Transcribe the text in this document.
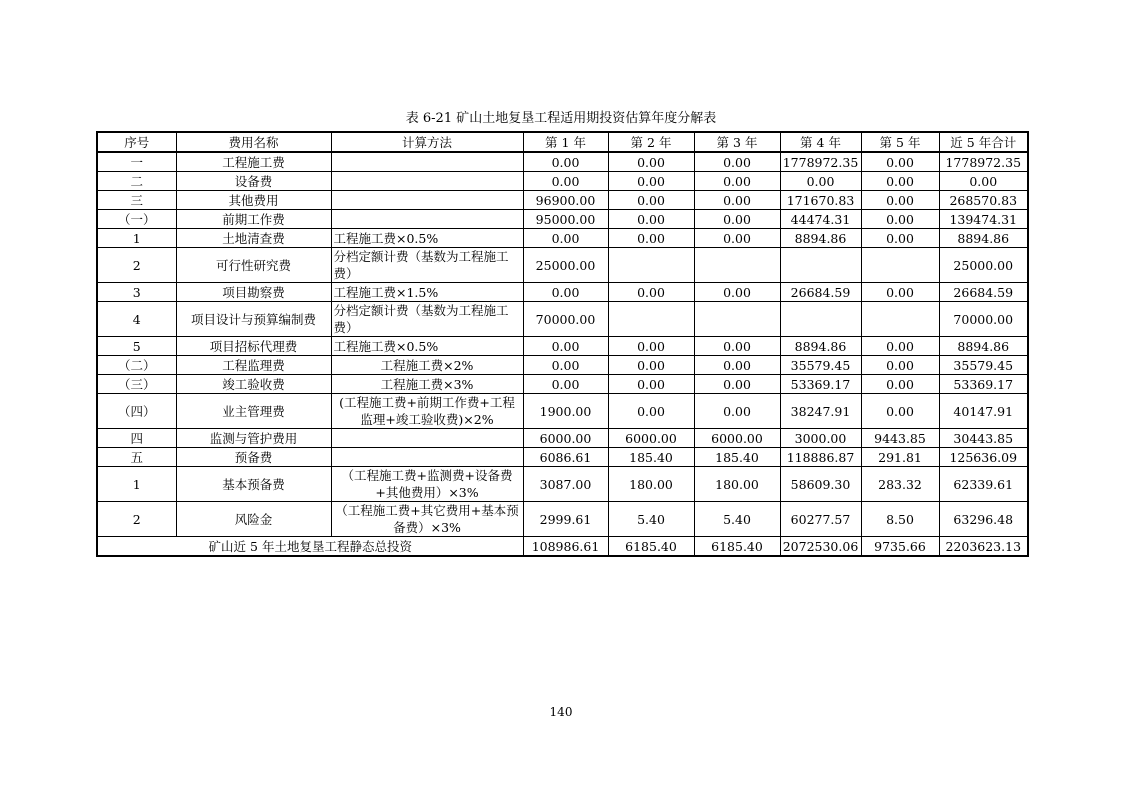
表 6-21 矿山土地复垦工程适用期投资估算年度分解表
序号	费用名称	计算方法	第 1 年	第 2 年	第 3 年	第 4 年	第 5 年	近 5 年合计
一	工程施工费		0.00	0.00	0.00	1778972.35	0.00	1778972.35
二	设备费		0.00	0.00	0.00	0.00	0.00	0.00
三	其他费用		96900.00	0.00	0.00	171670.83	0.00	268570.83
（一）	前期工作费		95000.00	0.00	0.00	44474.31	0.00	139474.31
1	土地清查费	工程施工费×0.5%	0.00	0.00	0.00	8894.86	0.00	8894.86
2	可行性研究费	分档定额计费（基数为工程施工费）	25000.00					25000.00
3	项目勘察费	工程施工费×1.5%	0.00	0.00	0.00	26684.59	0.00	26684.59
4	项目设计与预算编制费	分档定额计费（基数为工程施工费）	70000.00					70000.00
5	项目招标代理费	工程施工费×0.5%	0.00	0.00	0.00	8894.86	0.00	8894.86
（二）	工程监理费	工程施工费×2%	0.00	0.00	0.00	35579.45	0.00	35579.45
（三）	竣工验收费	工程施工费×3%	0.00	0.00	0.00	53369.17	0.00	53369.17
（四）	业主管理费	(工程施工费+前期工作费+工程监理+竣工验收费)×2%	1900.00	0.00	0.00	38247.91	0.00	40147.91
四	监测与管护费用		6000.00	6000.00	6000.00	3000.00	9443.85	30443.85
五	预备费		6086.61	185.40	185.40	118886.87	291.81	125636.09
1	基本预备费	（工程施工费+监测费+设备费+其他费用）×3%	3087.00	180.00	180.00	58609.30	283.32	62339.61
2	风险金	（工程施工费+其它费用+基本预备费）×3%	2999.61	5.40	5.40	60277.57	8.50	63296.48
矿山近 5 年土地复垦工程静态总投资			108986.61	6185.40	6185.40	2072530.06	9735.66	2203623.13
140
